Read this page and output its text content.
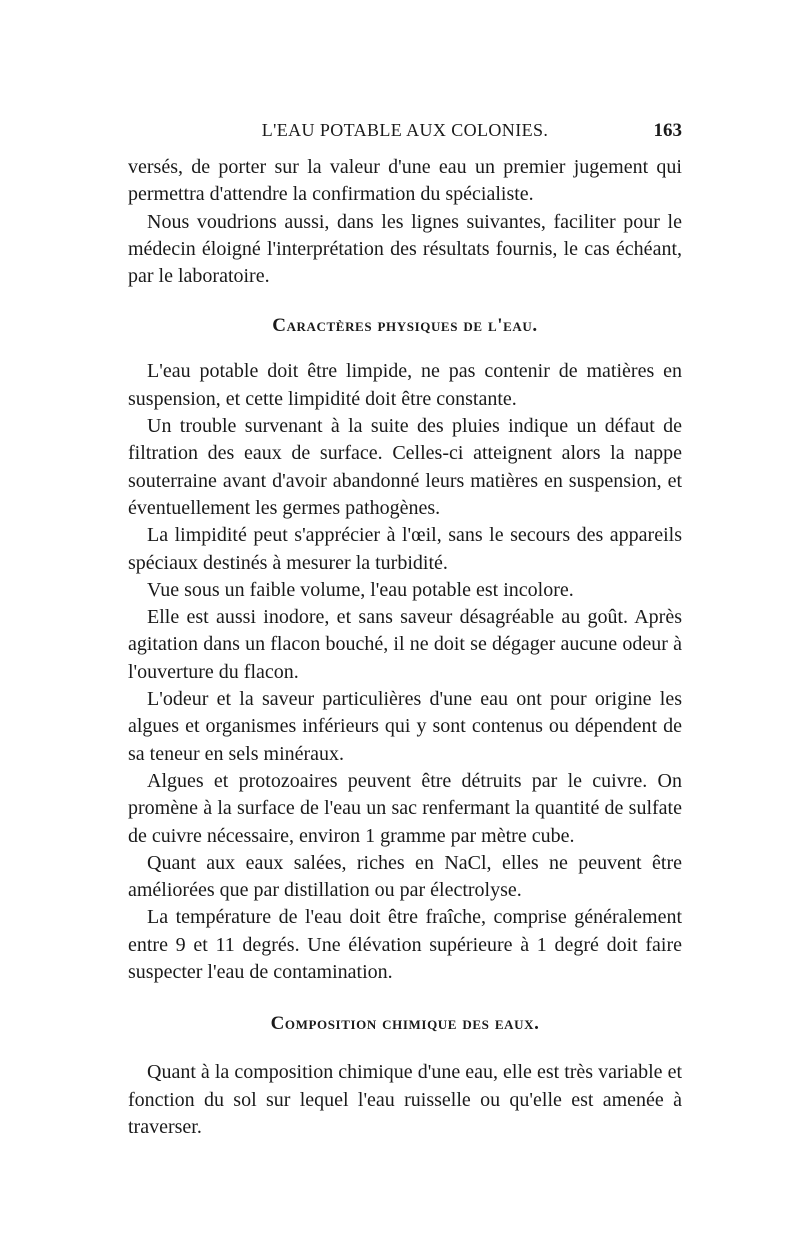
L'EAU POTABLE AUX COLONIES.	163

versés, de porter sur la valeur d'une eau un premier jugement qui permettra d'attendre la confirmation du spécialiste.

Nous voudrions aussi, dans les lignes suivantes, faciliter pour le médecin éloigné l'interprétation des résultats fournis, le cas échéant, par le laboratoire.

Caractères physiques de l'eau.

L'eau potable doit être limpide, ne pas contenir de matières en suspension, et cette limpidité doit être constante.

Un trouble survenant à la suite des pluies indique un défaut de filtration des eaux de surface. Celles-ci atteignent alors la nappe souterraine avant d'avoir abandonné leurs matières en suspension, et éventuellement les germes pathogènes.

La limpidité peut s'apprécier à l'œil, sans le secours des appareils spéciaux destinés à mesurer la turbidité.

Vue sous un faible volume, l'eau potable est incolore.

Elle est aussi inodore, et sans saveur désagréable au goût. Après agitation dans un flacon bouché, il ne doit se dégager aucune odeur à l'ouverture du flacon.

L'odeur et la saveur particulières d'une eau ont pour origine les algues et organismes inférieurs qui y sont contenus ou dépendent de sa teneur en sels minéraux.

Algues et protozoaires peuvent être détruits par le cuivre. On promène à la surface de l'eau un sac renfermant la quantité de sulfate de cuivre nécessaire, environ 1 gramme par mètre cube.

Quant aux eaux salées, riches en NaCl, elles ne peuvent être améliorées que par distillation ou par électrolyse.

La température de l'eau doit être fraîche, comprise généralement entre 9 et 11 degrés. Une élévation supérieure à 1 degré doit faire suspecter l'eau de contamination.

Composition chimique des eaux.

Quant à la composition chimique d'une eau, elle est très variable et fonction du sol sur lequel l'eau ruisselle ou qu'elle est amenée à traverser.
